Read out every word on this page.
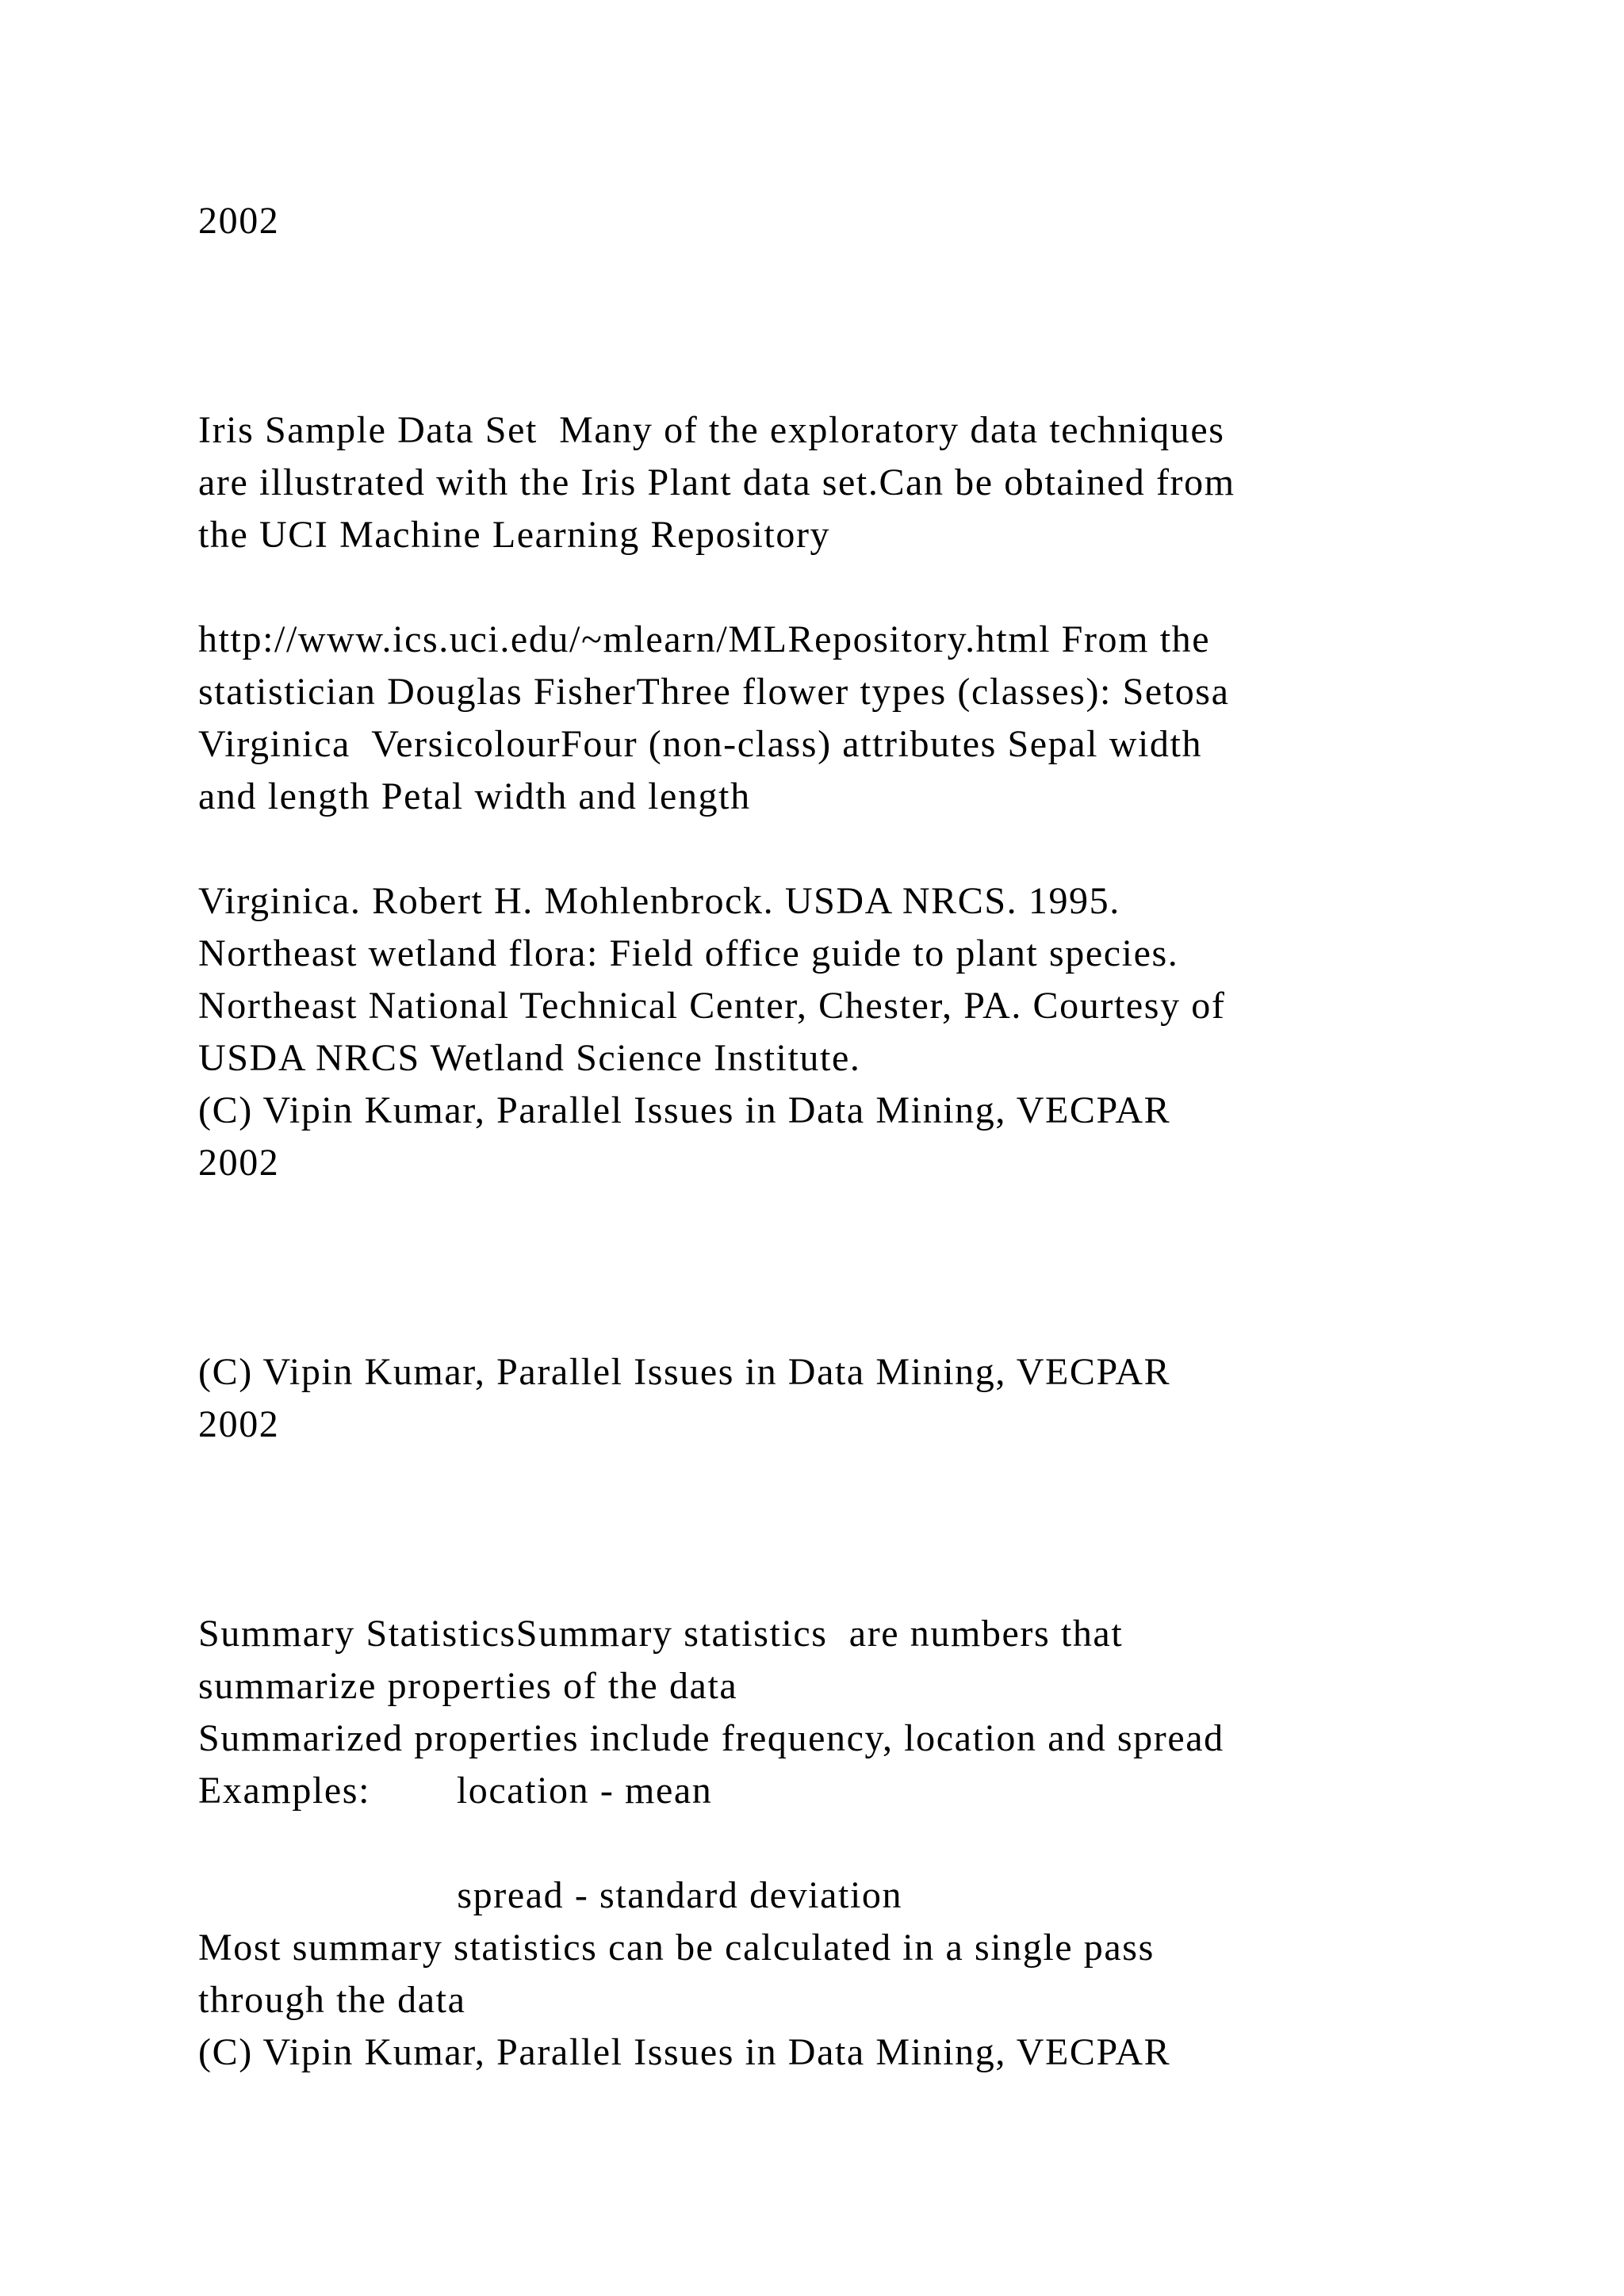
2002
Iris Sample Data Set  Many of the exploratory data techniques
are illustrated with the Iris Plant data set.Can be obtained from
the UCI Machine Learning Repository
http://www.ics.uci.edu/~mlearn/MLRepository.html From the
statistician Douglas FisherThree flower types (classes): Setosa
Virginica  VersicolourFour (non-class) attributes Sepal width
and length Petal width and length
Virginica. Robert H. Mohlenbrock. USDA NRCS. 1995.
Northeast wetland flora: Field office guide to plant species.
Northeast National Technical Center, Chester, PA. Courtesy of
USDA NRCS Wetland Science Institute.
(C) Vipin Kumar, Parallel Issues in Data Mining, VECPAR
2002
(C) Vipin Kumar, Parallel Issues in Data Mining, VECPAR
2002
Summary StatisticsSummary statistics  are numbers that
summarize properties of the data
Summarized properties include frequency, location and spread
Examples:        location - mean
spread - standard deviation
Most summary statistics can be calculated in a single pass
through the data
(C) Vipin Kumar, Parallel Issues in Data Mining, VECPAR
